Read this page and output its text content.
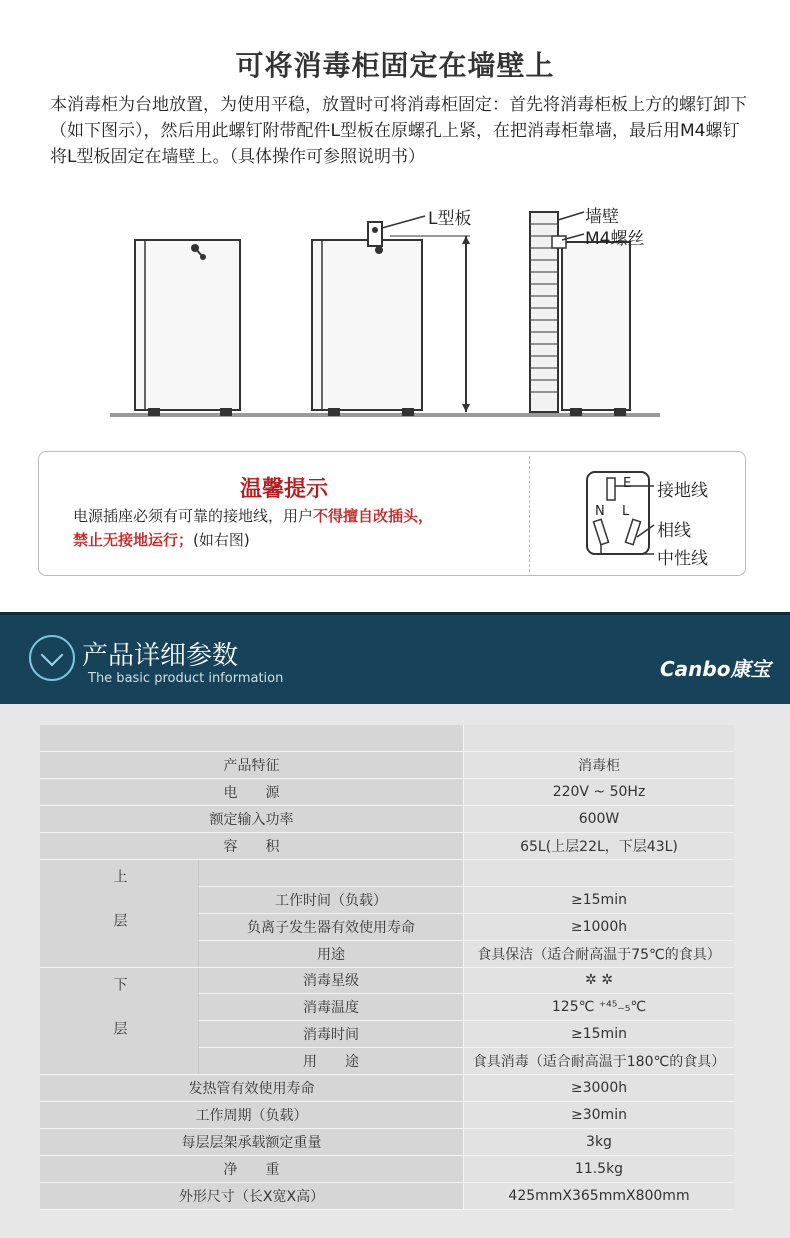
可将消毒柜固定在墙壁上
本消毒柜为台地放置，为使用平稳，放置时可将消毒柜固定：首先将消毒柜板上方的螺钉卸下（如下图示），然后用此螺钉附带配件L型板在原螺孔上紧，在把消毒柜靠墙，最后用M4螺钉将L型板固定在墙壁上。（具体操作可参照说明书）
L型板	墙壁
M4螺丝
温馨提示
电源插座必须有可靠的接地线，用户不得擅自改插头，
禁止无接地运行；(如右图)
E
N L
接地线
相线
中性线
产品详细参数
The basic product information	Canbo康宝

产品特征		消毒柜
电　　源		220V ~ 50Hz
额定输入功率		600W
容　　积		65L(上层22L，下层43L)
上层		
	工作时间（负载）	≥15min
	负离子发生器有效使用寿命	≥1000h
	用途	食具保洁（适合耐高温于75℃的食具）
下层	消毒星级	✲ ✲
	消毒温度	125℃ ⁺⁴⁵₋₅℃
	消毒时间	≥15min
	用　　途	食具消毒（适合耐高温于180℃的食具）
发热管有效使用寿命		≥3000h
工作周期（负载）		≥30min
每层层架承载额定重量		3kg
净　　重		11.5kg
外形尺寸（长X宽X高）		425mmX365mmX800mm
